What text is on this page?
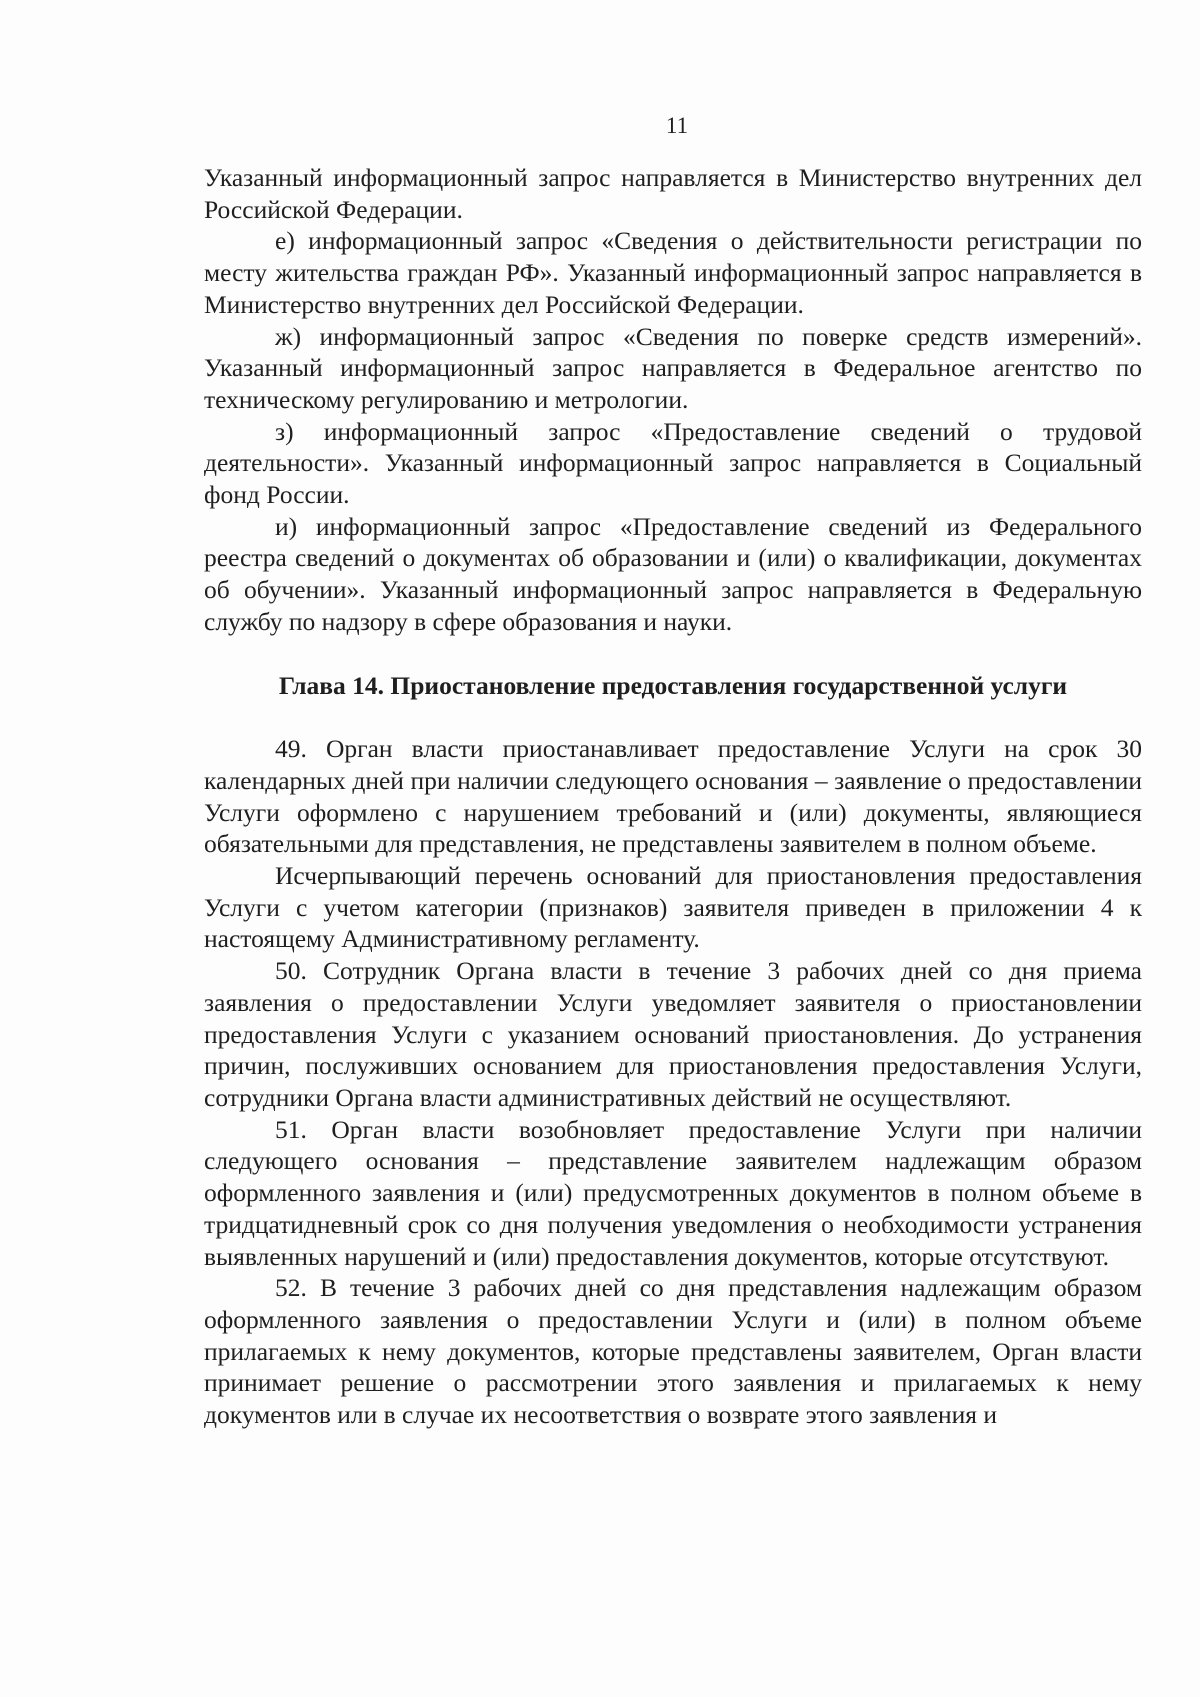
11

Указанный информационный запрос направляется в Министерство внутренних дел Российской Федерации.

е) информационный запрос «Сведения о действительности регистрации по месту жительства граждан РФ». Указанный информационный запрос направляется в Министерство внутренних дел Российской Федерации.

ж) информационный запрос «Сведения по поверке средств измерений». Указанный информационный запрос направляется в Федеральное агентство по техническому регулированию и метрологии.

з) информационный запрос «Предоставление сведений о трудовой деятельности». Указанный информационный запрос направляется в Социальный фонд России.

и) информационный запрос «Предоставление сведений из Федерального реестра сведений о документах об образовании и (или) о квалификации, документах об обучении». Указанный информационный запрос направляется в Федеральную службу по надзору в сфере образования и науки.

Глава 14. Приостановление предоставления государственной услуги

49. Орган власти приостанавливает предоставление Услуги на срок 30 календарных дней при наличии следующего основания – заявление о предоставлении Услуги оформлено с нарушением требований и (или) документы, являющиеся обязательными для представления, не представлены заявителем в полном объеме.

Исчерпывающий перечень оснований для приостановления предоставления Услуги с учетом категории (признаков) заявителя приведен в приложении 4 к настоящему Административному регламенту.

50. Сотрудник Органа власти в течение 3 рабочих дней со дня приема заявления о предоставлении Услуги уведомляет заявителя о приостановлении предоставления Услуги с указанием оснований приостановления. До устранения причин, послуживших основанием для приостановления предоставления Услуги, сотрудники Органа власти административных действий не осуществляют.

51. Орган власти возобновляет предоставление Услуги при наличии следующего основания – представление заявителем надлежащим образом оформленного заявления и (или) предусмотренных документов в полном объеме в тридцатидневный срок со дня получения уведомления о необходимости устранения выявленных нарушений и (или) предоставления документов, которые отсутствуют.

52. В течение 3 рабочих дней со дня представления надлежащим образом оформленного заявления о предоставлении Услуги и (или) в полном объеме прилагаемых к нему документов, которые представлены заявителем, Орган власти принимает решение о рассмотрении этого заявления и прилагаемых к нему документов или в случае их несоответствия о возврате этого заявления и
